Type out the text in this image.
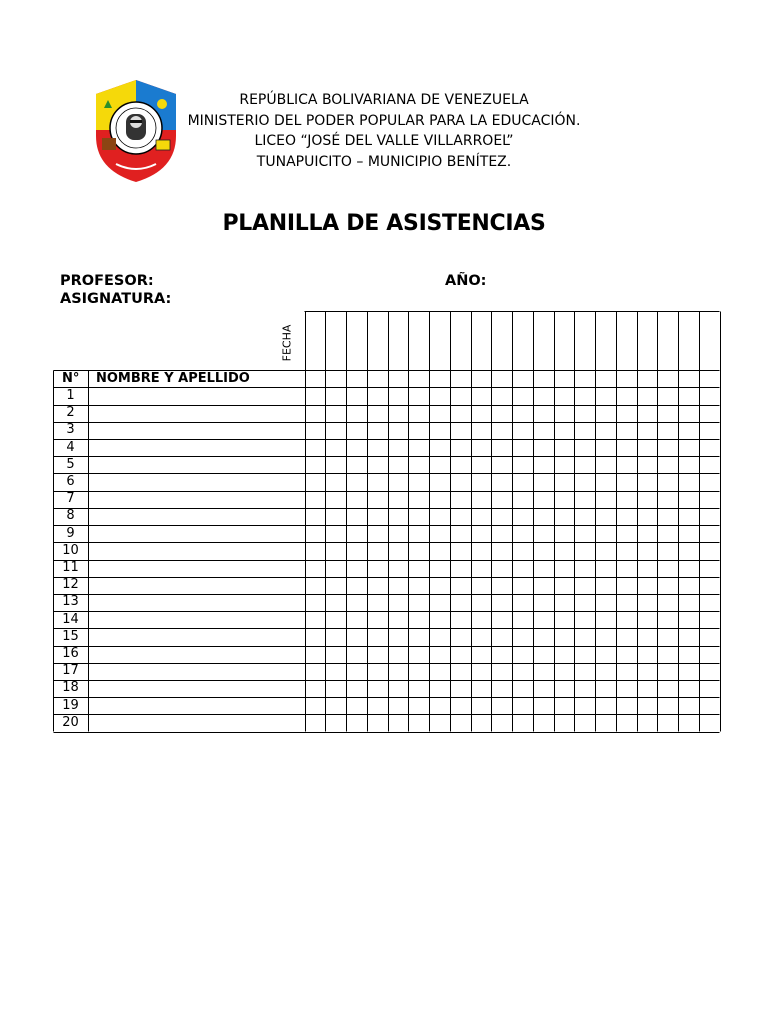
REPÚBLICA BOLIVARIANA DE VENEZUELA
MINISTERIO DEL PODER POPULAR PARA LA EDUCACIÓN.
LICEO “JOSÉ DEL VALLE VILLARROEL”
TUNAPUICITO – MUNICIPIO BENÍTEZ.
PLANILLA DE ASISTENCIAS
PROFESOR:	AÑO:
ASIGNATURA:
FECHA
N° NOMBRE Y APELLIDO
1
2
3
4
5
6
7
8
9
10
11
12
13
14
15
16
17
18
19
20
